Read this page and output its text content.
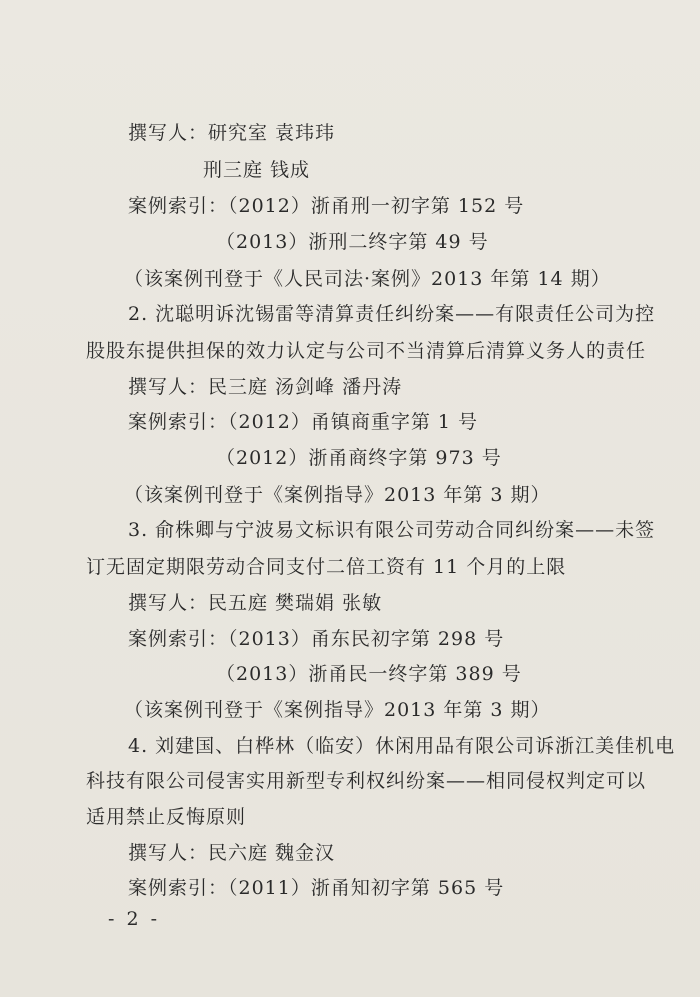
撰写人：研究室 袁玮玮
刑三庭 钱成
案例索引：（2012）浙甬刑一初字第 152 号
（2013）浙刑二终字第 49 号
（该案例刊登于《人民司法·案例》2013 年第 14 期）
2. 沈聪明诉沈锡雷等清算责任纠纷案——有限责任公司为控
股股东提供担保的效力认定与公司不当清算后清算义务人的责任
撰写人：民三庭 汤剑峰 潘丹涛
案例索引：（2012）甬镇商重字第 1 号
（2012）浙甬商终字第 973 号
（该案例刊登于《案例指导》2013 年第 3 期）
3. 俞株卿与宁波易文标识有限公司劳动合同纠纷案——未签
订无固定期限劳动合同支付二倍工资有 11 个月的上限
撰写人：民五庭 樊瑞娟 张敏
案例索引：（2013）甬东民初字第 298 号
（2013）浙甬民一终字第 389 号
（该案例刊登于《案例指导》2013 年第 3 期）
4. 刘建国、白桦林（临安）休闲用品有限公司诉浙江美佳机电
科技有限公司侵害实用新型专利权纠纷案——相同侵权判定可以
适用禁止反悔原则
撰写人：民六庭 魏金汉
案例索引：（2011）浙甬知初字第 565 号
- 2 -
